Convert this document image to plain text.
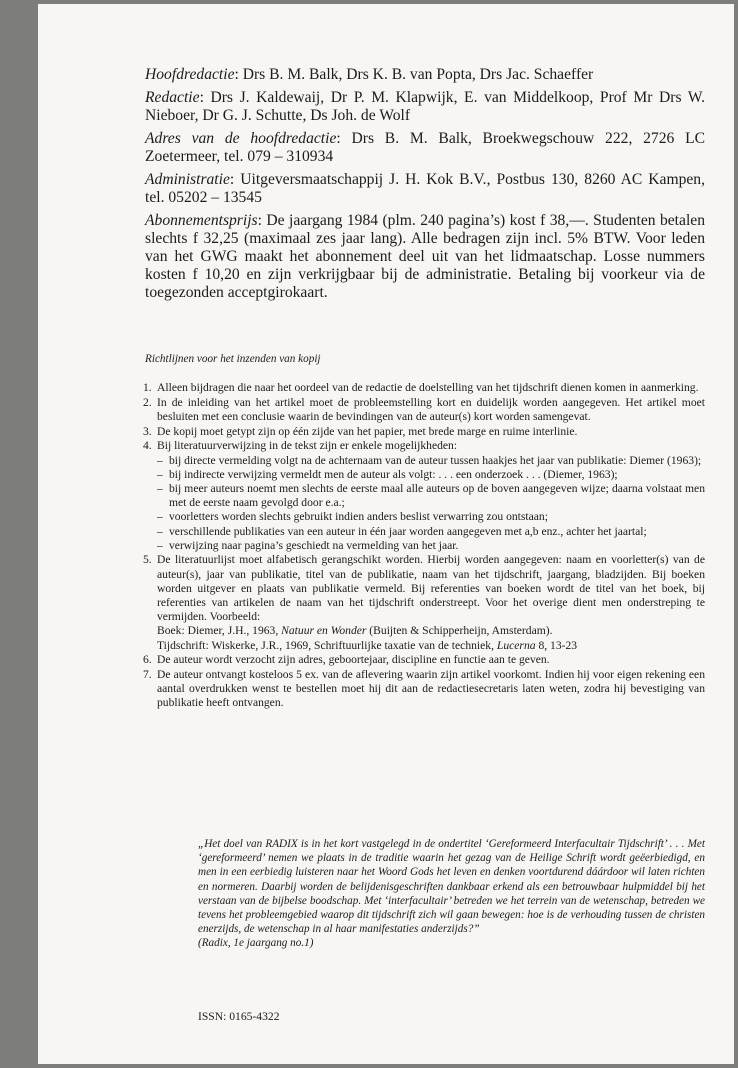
Hoofdredactie: Drs B. M. Balk, Drs K. B. van Popta, Drs Jac. Schaeffer

Redactie: Drs J. Kaldewaij, Dr P. M. Klapwijk, E. van Middelkoop, Prof Mr Drs W. Nieboer, Dr G. J. Schutte, Ds Joh. de Wolf

Adres van de hoofdredactie: Drs B. M. Balk, Broekwegschouw 222, 2726 LC Zoetermeer, tel. 079 – 310934

Administratie: Uitgeversmaatschappij J. H. Kok B.V., Postbus 130, 8260 AC Kampen, tel. 05202 – 13545

Abonnementsprijs: De jaargang 1984 (plm. 240 pagina’s) kost f 38,—. Studenten betalen slechts f 32,25 (maximaal zes jaar lang). Alle bedragen zijn incl. 5% BTW. Voor leden van het GWG maakt het abonnement deel uit van het lidmaatschap. Losse nummers kosten f 10,20 en zijn verkrijgbaar bij de administratie. Betaling bij voorkeur via de toegezonden acceptgirokaart.

Richtlijnen voor het inzenden van kopij
1. Alleen bijdragen die naar het oordeel van de redactie de doelstelling van het tijdschrift dienen komen in aanmerking.
2. In de inleiding van het artikel moet de probleemstelling kort en duidelijk worden aangegeven. Het artikel moet besluiten met een conclusie waarin de bevindingen van de auteur(s) kort worden samengevat.
3. De kopij moet getypt zijn op één zijde van het papier, met brede marge en ruime interlinie.
4. Bij literatuurverwijzing in de tekst zijn er enkele mogelijkheden:
– bij directe vermelding volgt na de achternaam van de auteur tussen haakjes het jaar van publikatie: Diemer (1963);
– bij indirecte verwijzing vermeldt men de auteur als volgt: . . . een onderzoek . . . (Diemer, 1963);
– bij meer auteurs noemt men slechts de eerste maal alle auteurs op de boven aangegeven wijze; daarna volstaat men met de eerste naam gevolgd door e.a.;
– voorletters worden slechts gebruikt indien anders beslist verwarring zou ontstaan;
– verschillende publikaties van een auteur in één jaar worden aangegeven met a,b enz., achter het jaartal;
– verwijzing naar pagina’s geschiedt na vermelding van het jaar.
5. De literatuurlijst moet alfabetisch gerangschikt worden. Hierbij worden aangegeven: naam en voorletter(s) van de auteur(s), jaar van publikatie, titel van de publikatie, naam van het tijdschrift, jaargang, bladzijden. Bij boeken worden uitgever en plaats van publikatie vermeld. Bij referenties van boeken wordt de titel van het boek, bij referenties van artikelen de naam van het tijdschrift onderstreept. Voor het overige dient men onderstreping te vermijden. Voorbeeld:
Boek: Diemer, J.H., 1963, Natuur en Wonder (Buijten & Schipperheijn, Amsterdam).
Tijdschrift: Wiskerke, J.R., 1969, Schriftuurlijke taxatie van de techniek, Lucerna 8, 13-23
6. De auteur wordt verzocht zijn adres, geboortejaar, discipline en functie aan te geven.
7. De auteur ontvangt kosteloos 5 ex. van de aflevering waarin zijn artikel voorkomt. Indien hij voor eigen rekening een aantal overdrukken wenst te bestellen moet hij dit aan de redactiesecretaris laten weten, zodra hij bevestiging van publikatie heeft ontvangen.
„Het doel van RADIX is in het kort vastgelegd in de ondertitel ‘Gereformeerd Interfacultair Tijdschrift’ . . . Met ‘gereformeerd’ nemen we plaats in de traditie waarin het gezag van de Heilige Schrift wordt geëerbiedigd, en men in een eerbiedig luisteren naar het Woord Gods het leven en denken voortdurend dáárdoor wil laten richten en normeren. Daarbij worden de belijdenisgeschriften dankbaar erkend als een betrouwbaar hulpmiddel bij het verstaan van de bijbelse boodschap. Met ‘interfacultair’ betreden we het terrein van de wetenschap, betreden we tevens het probleemgebied waarop dit tijdschrift zich wil gaan bewegen: hoe is de verhouding tussen de christen enerzijds, de wetenschap in al haar manifestaties anderzijds?”
(Radix, 1e jaargang no.1)
ISSN: 0165-4322
